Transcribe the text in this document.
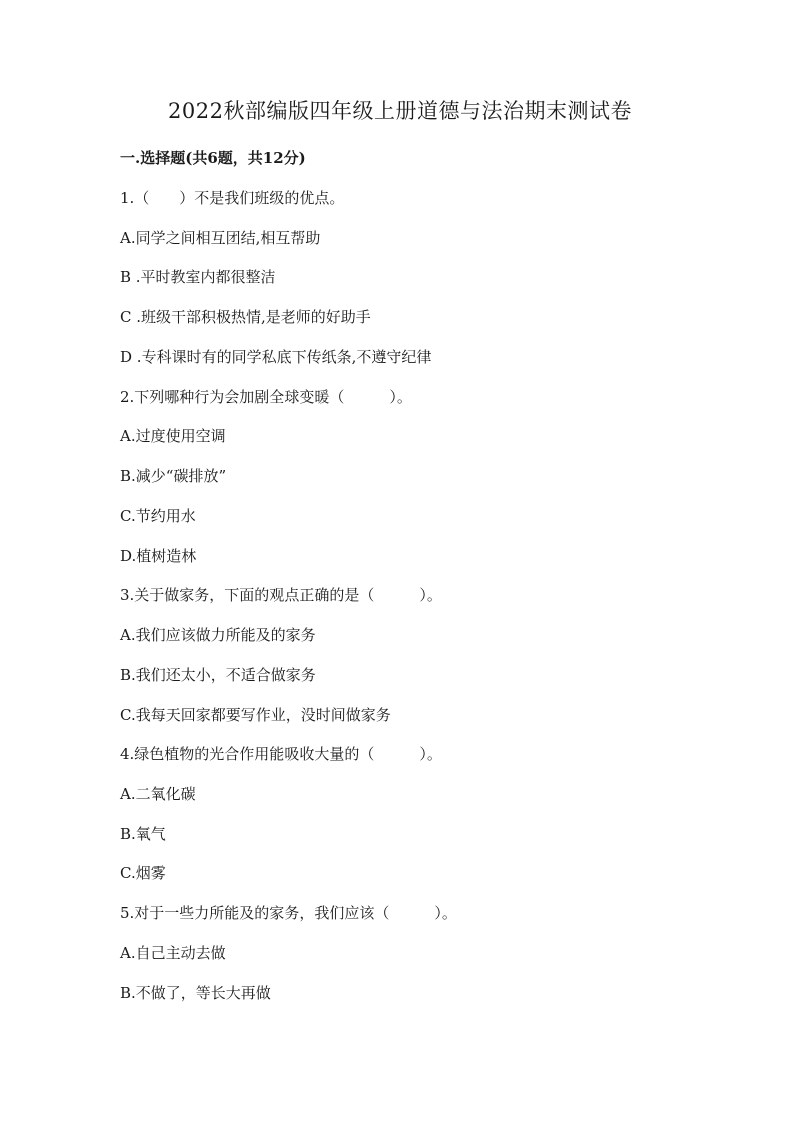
2022秋部编版四年级上册道德与法治期末测试卷
一.选择题(共6题，共12分)
1.（　　）不是我们班级的优点。
A.同学之间相互团结,相互帮助
B .平时教室内都很整洁
C .班级干部积极热情,是老师的好助手
D .专科课时有的同学私底下传纸条,不遵守纪律
2.下列哪种行为会加剧全球变暖（　　　）。
A.过度使用空调
B.减少“碳排放”
C.节约用水
D.植树造林
3.关于做家务，下面的观点正确的是（　　　）。
A.我们应该做力所能及的家务
B.我们还太小，不适合做家务
C.我每天回家都要写作业，没时间做家务
4.绿色植物的光合作用能吸收大量的（　　　）。
A.二氧化碳
B.氧气
C.烟雾
5.对于一些力所能及的家务，我们应该（　　　）。
A.自己主动去做
B.不做了，等长大再做
